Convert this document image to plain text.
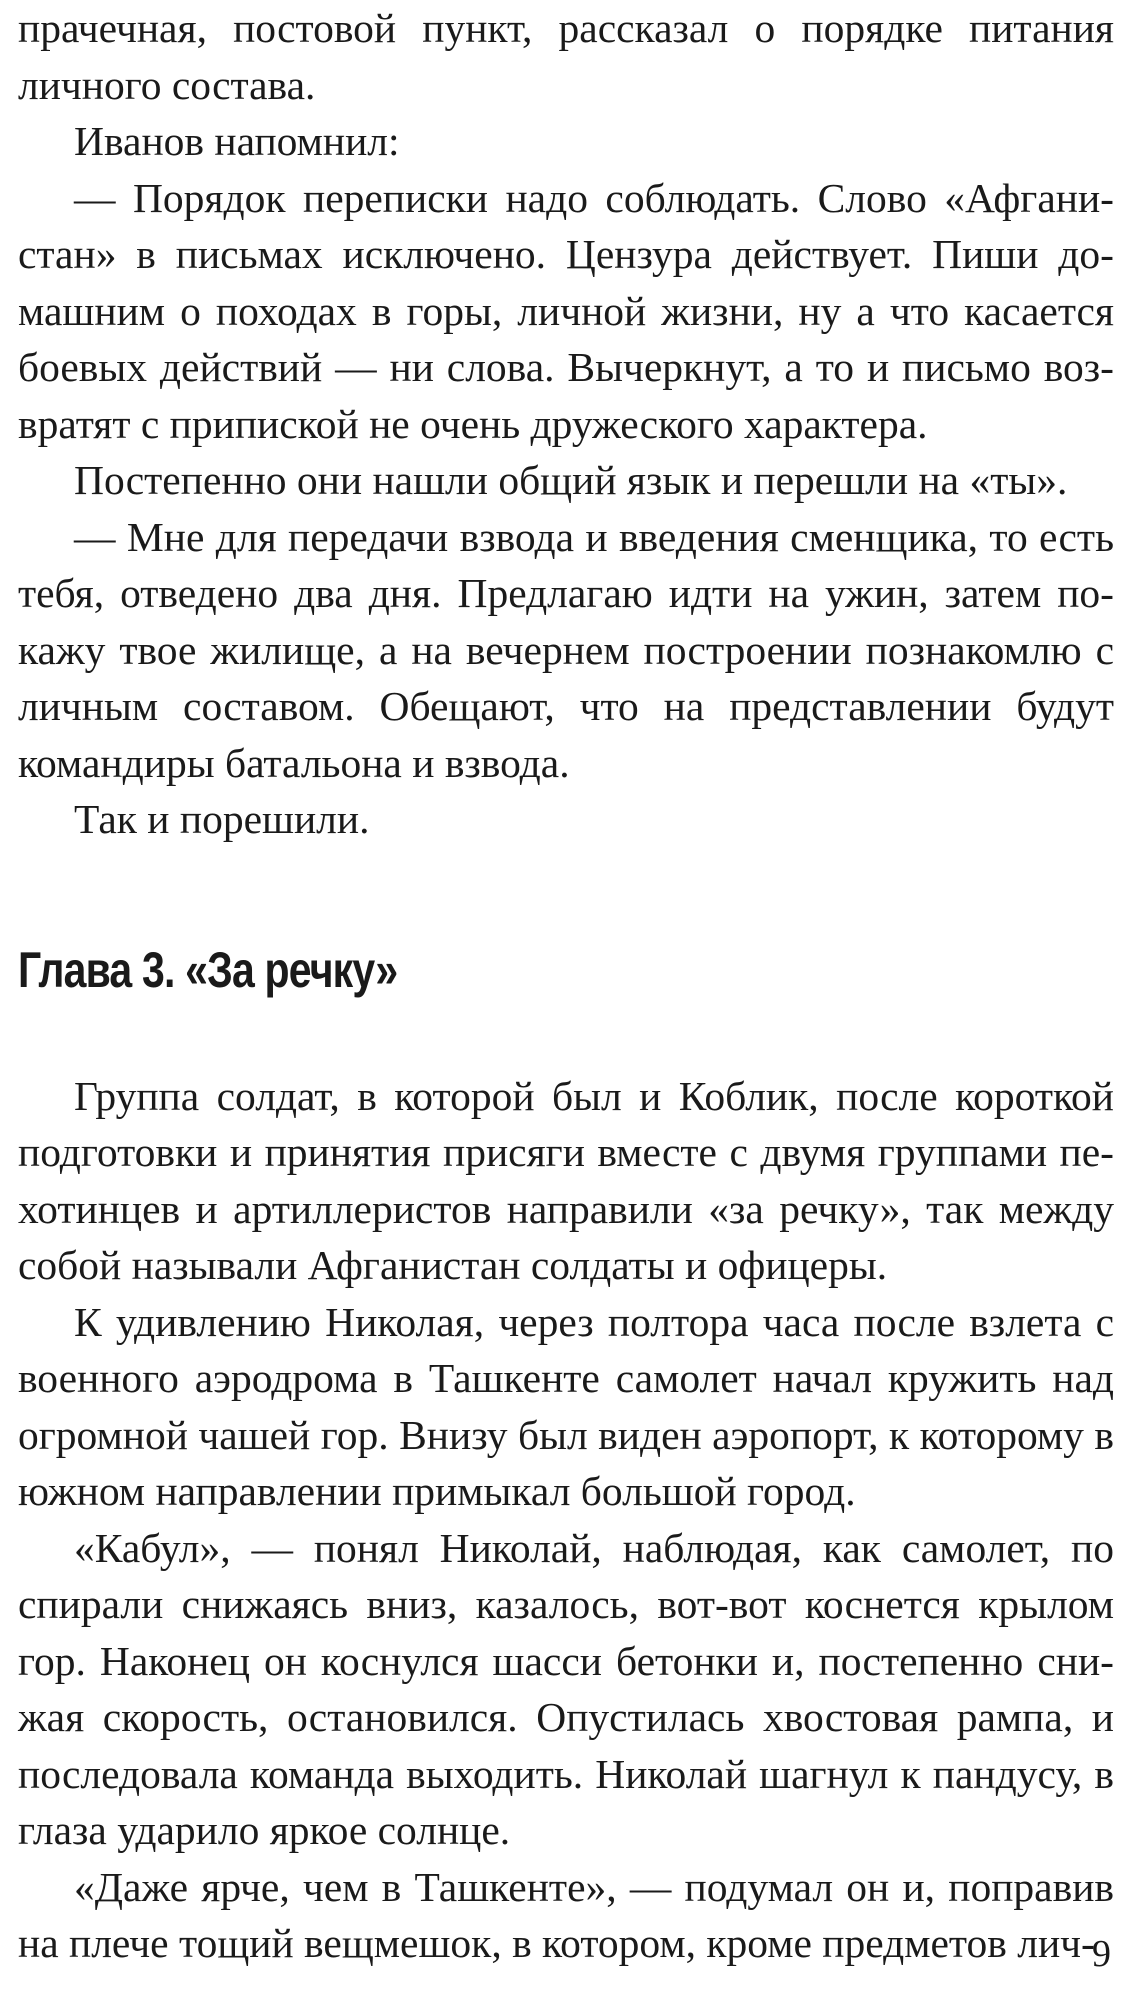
прачечная, постовой пункт, рассказал о порядке питания личного состава.

Иванов напомнил:

— Порядок переписки надо соблюдать. Слово «Афганистан» в письмах исключено. Цензура действует. Пиши домашним о походах в горы, личной жизни, ну а что касается боевых действий — ни слова. Вычеркнут, а то и письмо возвратят с припиской не очень дружеского характера.

Постепенно они нашли общий язык и перешли на «ты».

— Мне для передачи взвода и введения сменщика, то есть тебя, отведено два дня. Предлагаю идти на ужин, затем покажу твое жилище, а на вечернем построении познакомлю с личным составом. Обещают, что на представлении будут командиры батальона и взвода.

Так и порешили.

Глава 3. «За речку»

Группа солдат, в которой был и Коблик, после короткой подготовки и принятия присяги вместе с двумя группами пехотинцев и артиллеристов направили «за речку», так между собой называли Афганистан солдаты и офицеры.

К удивлению Николая, через полтора часа после взлета с военного аэродрома в Ташкенте самолет начал кружить над огромной чашей гор. Внизу был виден аэропорт, к которому в южном направлении примыкал большой город.

«Кабул», — понял Николай, наблюдая, как самолет, по спирали снижаясь вниз, казалось, вот-вот коснется крылом гор. Наконец он коснулся шасси бетонки и, постепенно снижая скорость, остановился. Опустилась хвостовая рампа, и последовала команда выходить. Николай шагнул к пандусу, в глаза ударило яркое солнце.

«Даже ярче, чем в Ташкенте», — подумал он и, поправив на плече тощий вещмешок, в котором, кроме предметов лич-

9
